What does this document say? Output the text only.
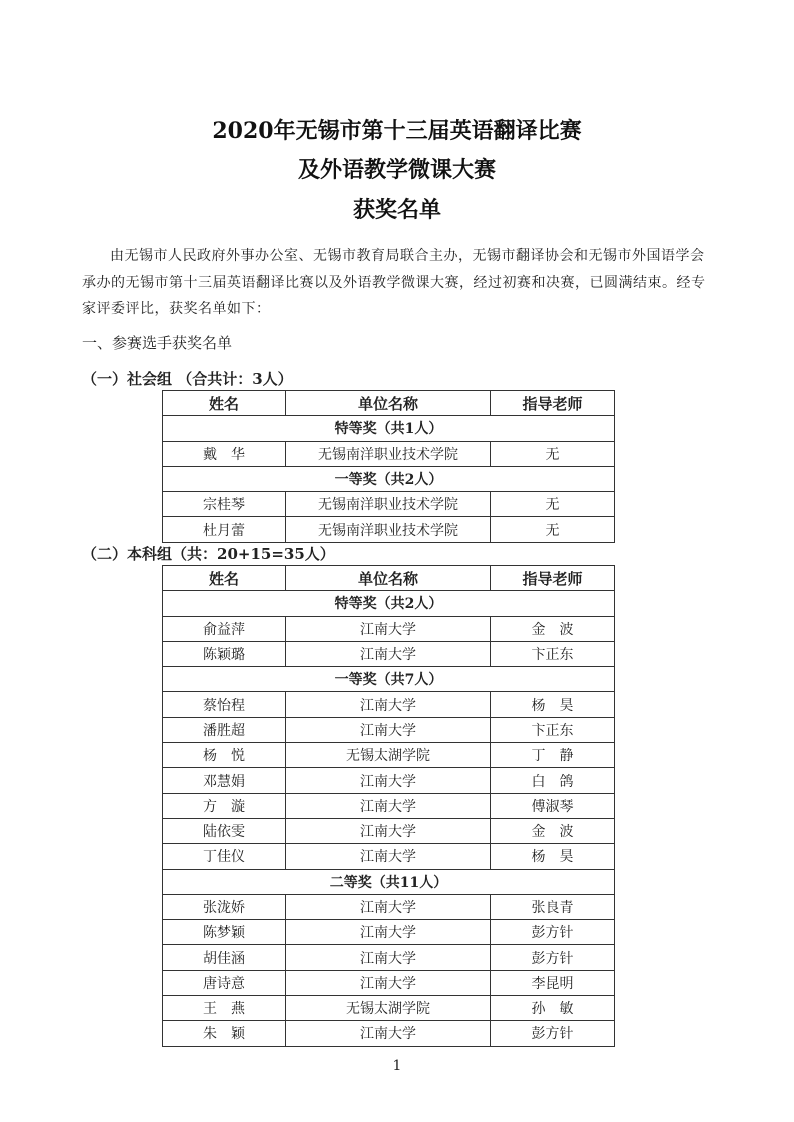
2020年无锡市第十三届英语翻译比赛
及外语教学微课大赛
获奖名单
由无锡市人民政府外事办公室、无锡市教育局联合主办，无锡市翻译协会和无锡市外国语学会承办的无锡市第十三届英语翻译比赛以及外语教学微课大赛，经过初赛和决赛，已圆满结束。经专家评委评比，获奖名单如下：
一、参赛选手获奖名单
（一）社会组 （合共计：3人）
姓名	单位名称	指导老师
特等奖（共1人）		
戴　华	无锡南洋职业技术学院	无
一等奖（共2人）		
宗桂琴	无锡南洋职业技术学院	无
杜月蕾	无锡南洋职业技术学院	无
（二）本科组（共：20+15=35人）
姓名	单位名称	指导老师
特等奖（共2人）		
俞益萍	江南大学	金　波
陈颖璐	江南大学	卞正东
一等奖（共7人）		
蔡怡程	江南大学	杨　昊
潘胜超	江南大学	卞正东
杨　悦	无锡太湖学院	丁　静
邓慧娟	江南大学	白　鸽
方　漩	江南大学	傅淑琴
陆依雯	江南大学	金　波
丁佳仪	江南大学	杨　昊
二等奖（共11人）		
张泷娇	江南大学	张良青
陈梦颖	江南大学	彭方针
胡佳涵	江南大学	彭方针
唐诗意	江南大学	李昆明
王　燕	无锡太湖学院	孙　敏
朱　颖	江南大学	彭方针
1
